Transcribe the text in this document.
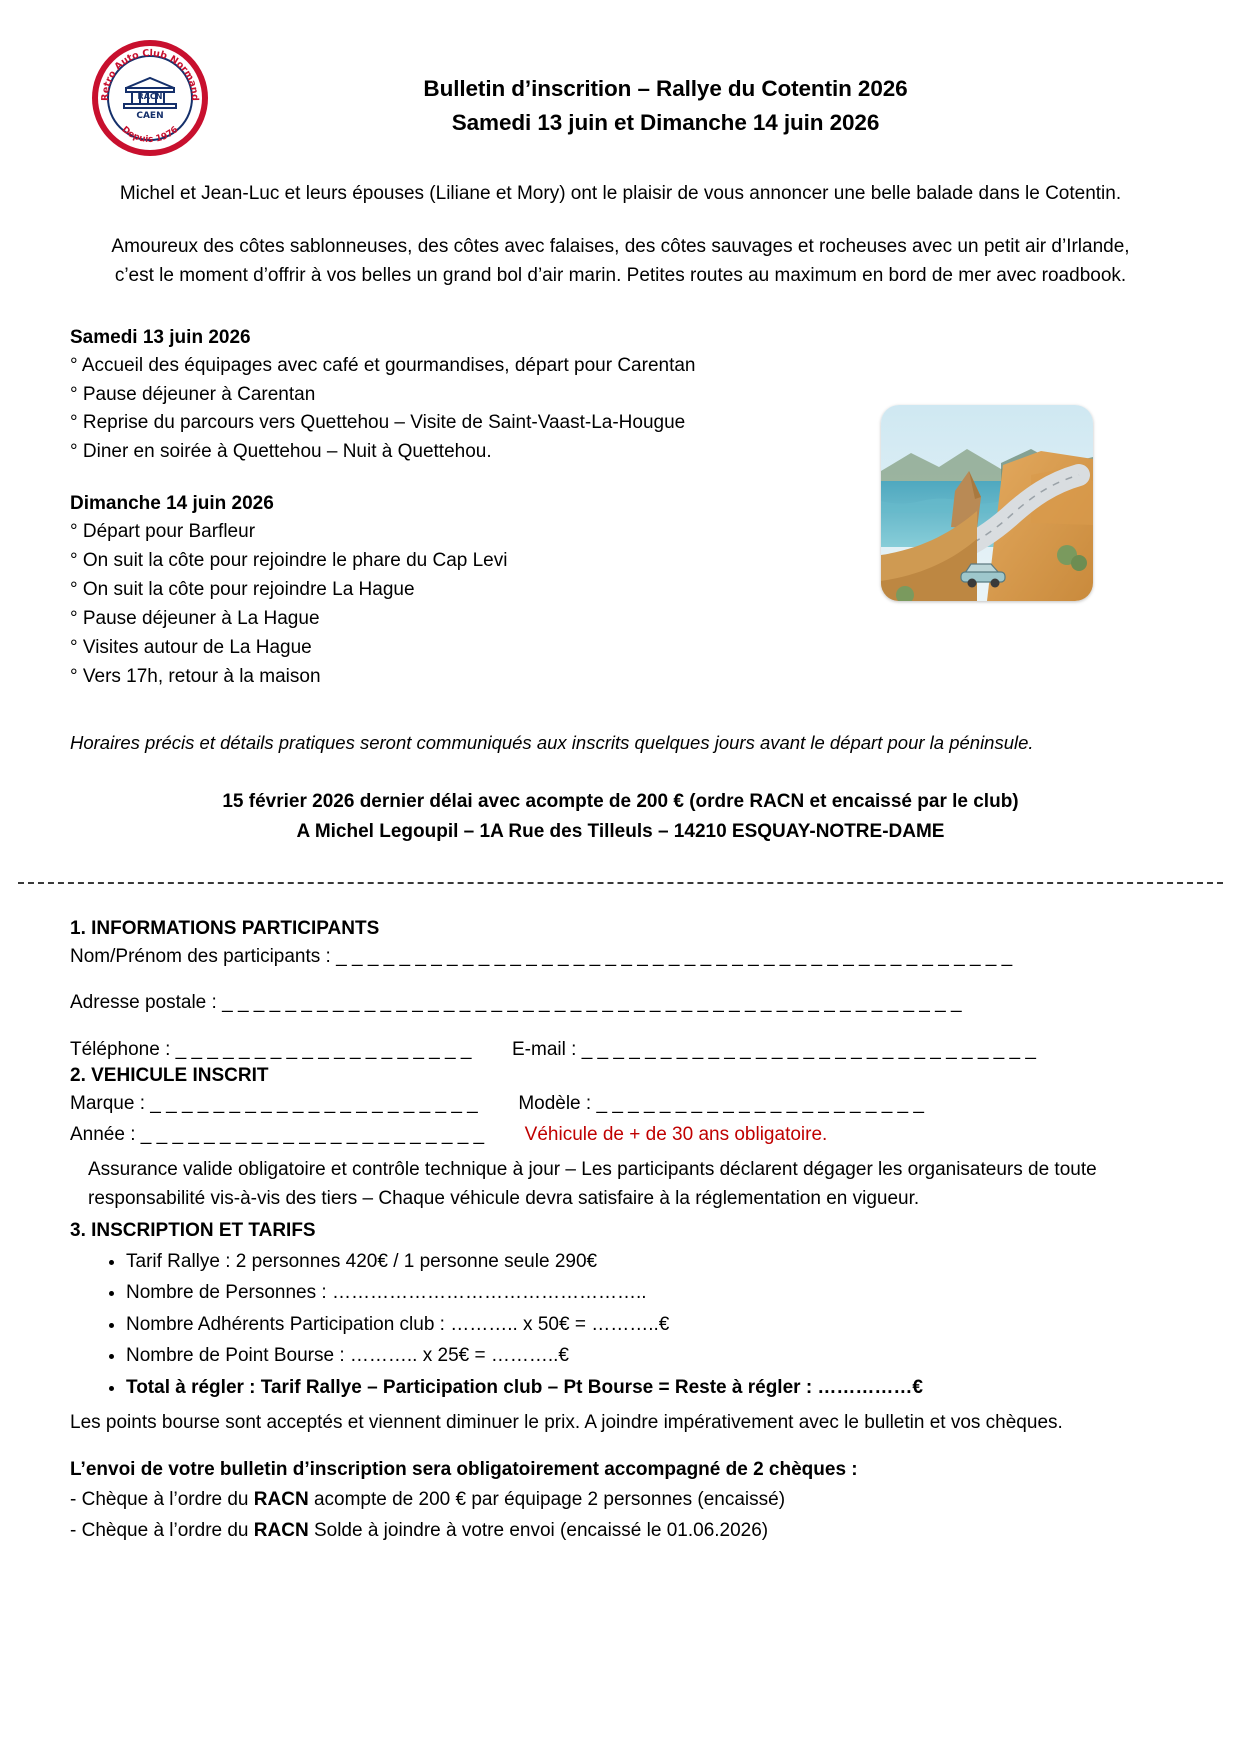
Retro Auto Club Normand
Depuis 1976
RACN
CAEN
Bulletin d’inscrition – Rallye du Cotentin 2026
Samedi 13 juin et Dimanche 14 juin 2026

Michel et Jean-Luc et leurs épouses (Liliane et Mory) ont le plaisir de vous annoncer une belle balade dans le Cotentin.

Amoureux des côtes sablonneuses, des côtes avec falaises, des côtes sauvages et rocheuses avec un petit air d’Irlande, c’est le moment d’offrir à vos belles un grand bol d’air marin. Petites routes au maximum en bord de mer avec roadbook.

Samedi 13 juin 2026

° Accueil des équipages avec café et gourmandises, départ pour Carentan

° Pause déjeuner à Carentan

° Reprise du parcours vers Quettehou – Visite de Saint-Vaast-La-Hougue

° Diner en soirée à Quettehou – Nuit à Quettehou.

Dimanche 14 juin 2026

° Départ pour Barfleur

° On suit la côte pour rejoindre le phare du Cap Levi

° On suit la côte pour rejoindre La Hague

° Pause déjeuner à La Hague

° Visites autour de La Hague

° Vers 17h, retour à la maison

Horaires précis et détails pratiques seront communiqués aux inscrits quelques jours avant le départ pour la péninsule.
15 février 2026 dernier délai avec acompte de 200 € (ordre RACN et encaissé par le club)
A Michel Legoupil – 1A Rue des Tilleuls – 14210 ESQUAY-NOTRE-DAME

1. INFORMATIONS PARTICIPANTS

Nom/Prénom des participants : _ _ _ _ _ _ _ _ _ _ _ _ _ _ _ _ _ _ _ _ _ _ _ _ _ _ _ _ _ _ _ _ _ _ _ _ _ _ _ _ _ _ _

Adresse postale : _ _ _ _ _ _ _ _ _ _ _ _ _ _ _ _ _ _ _ _ _ _ _ _ _ _ _ _ _ _ _ _ _ _ _ _ _ _ _ _ _ _ _ _ _ _ _

Téléphone : _ _ _ _ _ _ _ _ _ _ _ _ _ _ _ _ _ _ _ E-mail : _ _ _ _ _ _ _ _ _ _ _ _ _ _ _ _ _ _ _ _ _ _ _ _ _ _ _ _ _

2. VEHICULE INSCRIT

Marque : _ _ _ _ _ _ _ _ _ _ _ _ _ _ _ _ _ _ _ _ _ Modèle : _ _ _ _ _ _ _ _ _ _ _ _ _ _ _ _ _ _ _ _ _

Année : _ _ _ _ _ _ _ _ _ _ _ _ _ _ _ _ _ _ _ _ _ _ Véhicule de + de 30 ans obligatoire.

Assurance valide obligatoire et contrôle technique à jour – Les participants déclarent dégager les organisateurs de toute responsabilité vis-à-vis des tiers – Chaque véhicule devra satisfaire à la réglementation en vigueur.

3. INSCRIPTION ET TARIFS

• Tarif Rallye : 2 personnes 420€ / 1 personne seule 290€
• Nombre de Personnes : …………………………………………..
• Nombre Adhérents Participation club : ……….. x 50€ = ………..€
• Nombre de Point Bourse : ……….. x 25€ = ………..€
• Total à régler : Tarif Rallye – Participation club – Pt Bourse = Reste à régler : ……………€

Les points bourse sont acceptés et viennent diminuer le prix. A joindre impérativement avec le bulletin et vos chèques.

L’envoi de votre bulletin d’inscription sera obligatoirement accompagné de 2 chèques :

- Chèque à l’ordre du RACN acompte de 200 € par équipage 2 personnes (encaissé)

- Chèque à l’ordre du RACN Solde à joindre à votre envoi (encaissé le 01.06.2026)
